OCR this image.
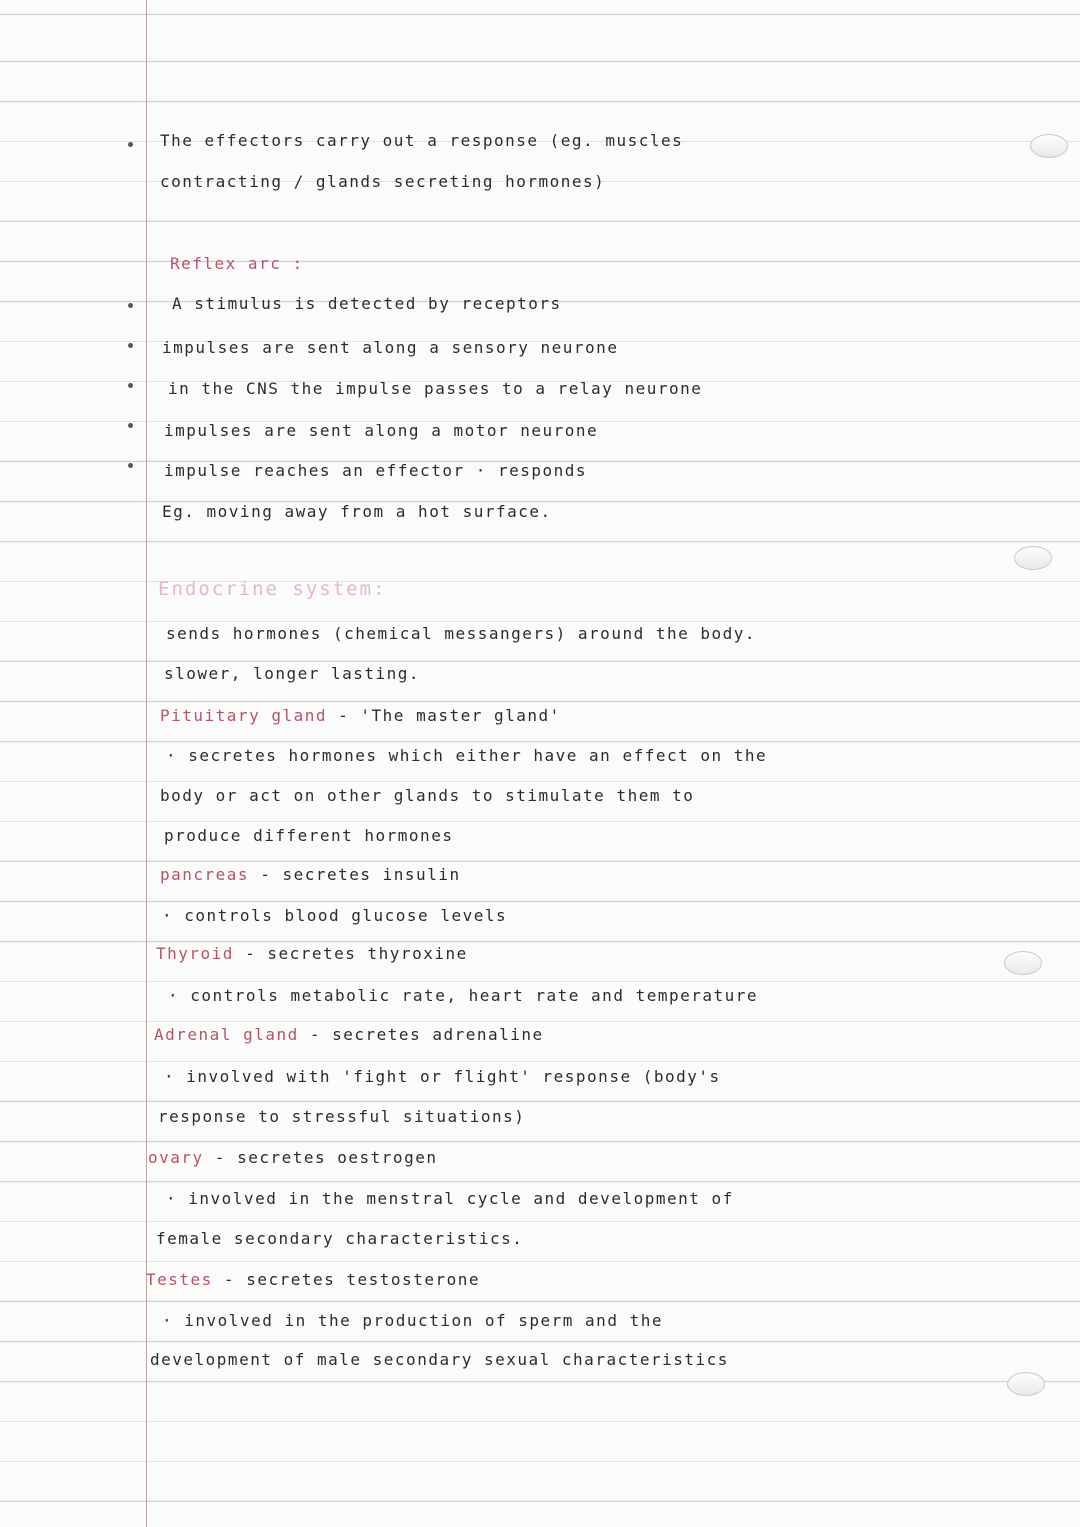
The effectors carry out a response (eg. muscles
contracting / glands secreting hormones)
Reflex arc :
A stimulus is detected by receptors
impulses are sent along a sensory neurone
in the CNS the impulse passes to a relay neurone
impulses are sent along a motor neurone
impulse reaches an effector · responds
Eg. moving away from a hot surface.
Endocrine system:
sends hormones (chemical messangers) around the body.
slower, longer lasting.
Pituitary gland - 'The master gland'
· secretes hormones which either have an effect on the
body or act on other glands to stimulate them to
produce different hormones
pancreas - secretes insulin
· controls blood glucose levels
Thyroid - secretes thyroxine
· controls metabolic rate, heart rate and temperature
Adrenal gland - secretes adrenaline
· involved with 'fight or flight' response (body's
response to stressful situations)
ovary - secretes oestrogen
· involved in the menstral cycle and development of
female secondary characteristics.
Testes - secretes testosterone
· involved in the production of sperm and the
development of male secondary sexual characteristics
